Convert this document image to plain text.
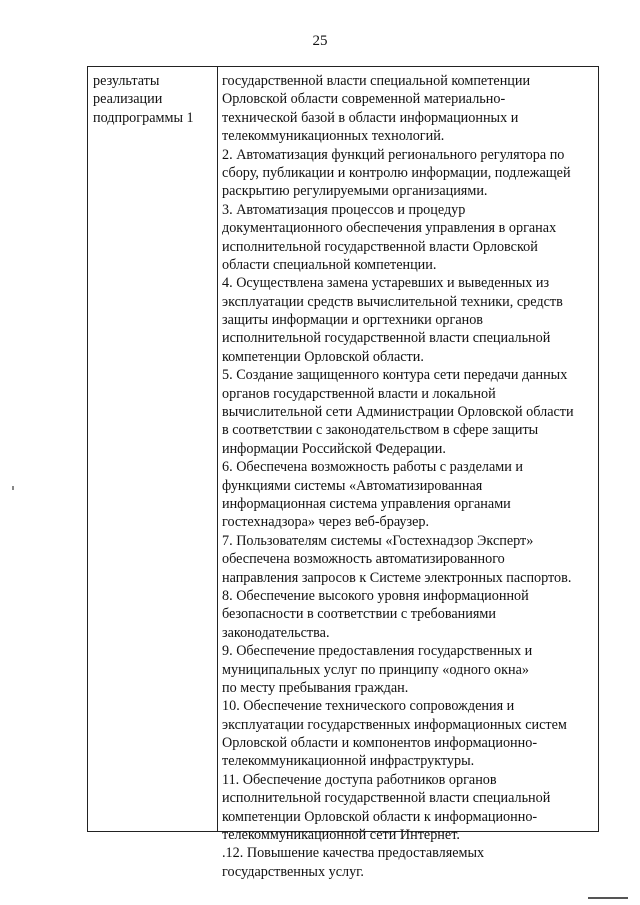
25
результаты
реализации
подпрограммы 1
государственной власти специальной компетенции
Орловской области современной материально-
технической базой в области информационных и
телекоммуникационных технологий.
2. Автоматизация функций регионального регулятора по
сбору, публикации и контролю информации, подлежащей
раскрытию регулируемыми организациями.
3. Автоматизация процессов и процедур
документационного обеспечения управления в органах
исполнительной государственной власти Орловской
области специальной компетенции.
4. Осуществлена замена устаревших и выведенных из
эксплуатации средств вычислительной техники, средств
защиты информации и оргтехники органов
исполнительной государственной власти специальной
компетенции Орловской области.
5. Создание защищенного контура сети передачи данных
органов государственной власти и локальной
вычислительной сети Администрации Орловской области
в соответствии с законодательством в сфере защиты
информации Российской Федерации.
6. Обеспечена возможность работы с разделами и
функциями системы «Автоматизированная
информационная система управления органами
гостехнадзора» через веб-браузер.
7. Пользователям системы «Гостехнадзор Эксперт»
обеспечена возможность автоматизированного
направления запросов к Системе электронных паспортов.
8. Обеспечение высокого уровня информационной
безопасности в соответствии с требованиями
законодательства.
9. Обеспечение предоставления государственных и
муниципальных услуг по принципу «одного окна»
по месту пребывания граждан.
10. Обеспечение технического сопровождения и
эксплуатации государственных информационных систем
Орловской области и компонентов информационно-
телекоммуникационной инфраструктуры.
11. Обеспечение доступа работников органов
исполнительной государственной власти специальной
компетенции Орловской области к информационно-
телекоммуникационной сети Интернет.
.12. Повышение качества предоставляемых
государственных услуг.
